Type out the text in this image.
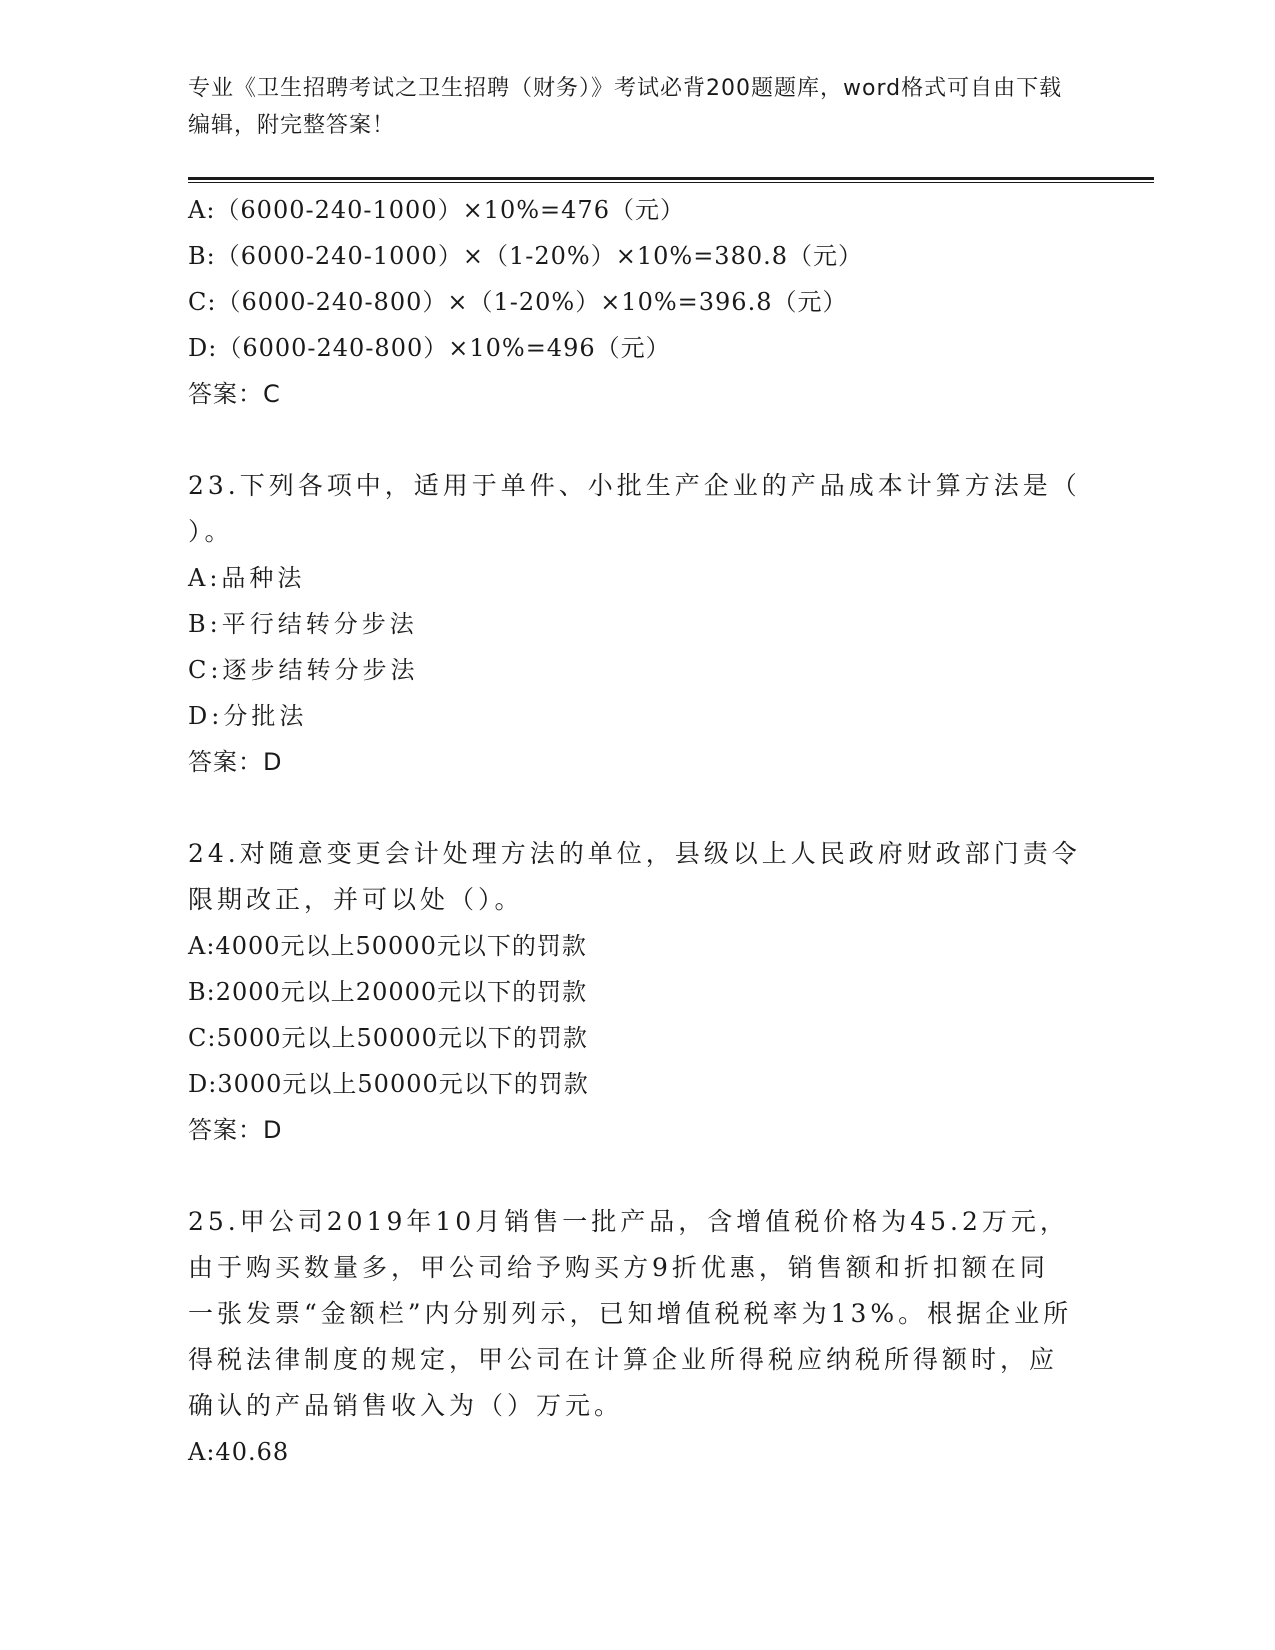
专业《卫生招聘考试之卫生招聘（财务）》考试必背200题题库，word格式可自由下载编辑，附完整答案！
A:（6000-240-1000）×10%=476（元）
B:（6000-240-1000）×（1-20%）×10%=380.8（元）
C:（6000-240-800）×（1-20%）×10%=396.8（元）
D:（6000-240-800）×10%=496（元）
答案：C
23.下列各项中，适用于单件、小批生产企业的产品成本计算方法是（
）。
A:品种法
B:平行结转分步法
C:逐步结转分步法
D:分批法
答案：D
24.对随意变更会计处理方法的单位，县级以上人民政府财政部门责令
限期改正，并可以处（）。
A:4000元以上50000元以下的罚款
B:2000元以上20000元以下的罚款
C:5000元以上50000元以下的罚款
D:3000元以上50000元以下的罚款
答案：D
25.甲公司2019年10月销售一批产品，含增值税价格为45.2万元，
由于购买数量多，甲公司给予购买方9折优惠，销售额和折扣额在同
一张发票“金额栏”内分别列示，已知增值税税率为13%。根据企业所
得税法律制度的规定，甲公司在计算企业所得税应纳税所得额时，应
确认的产品销售收入为（）万元。
A:40.68
